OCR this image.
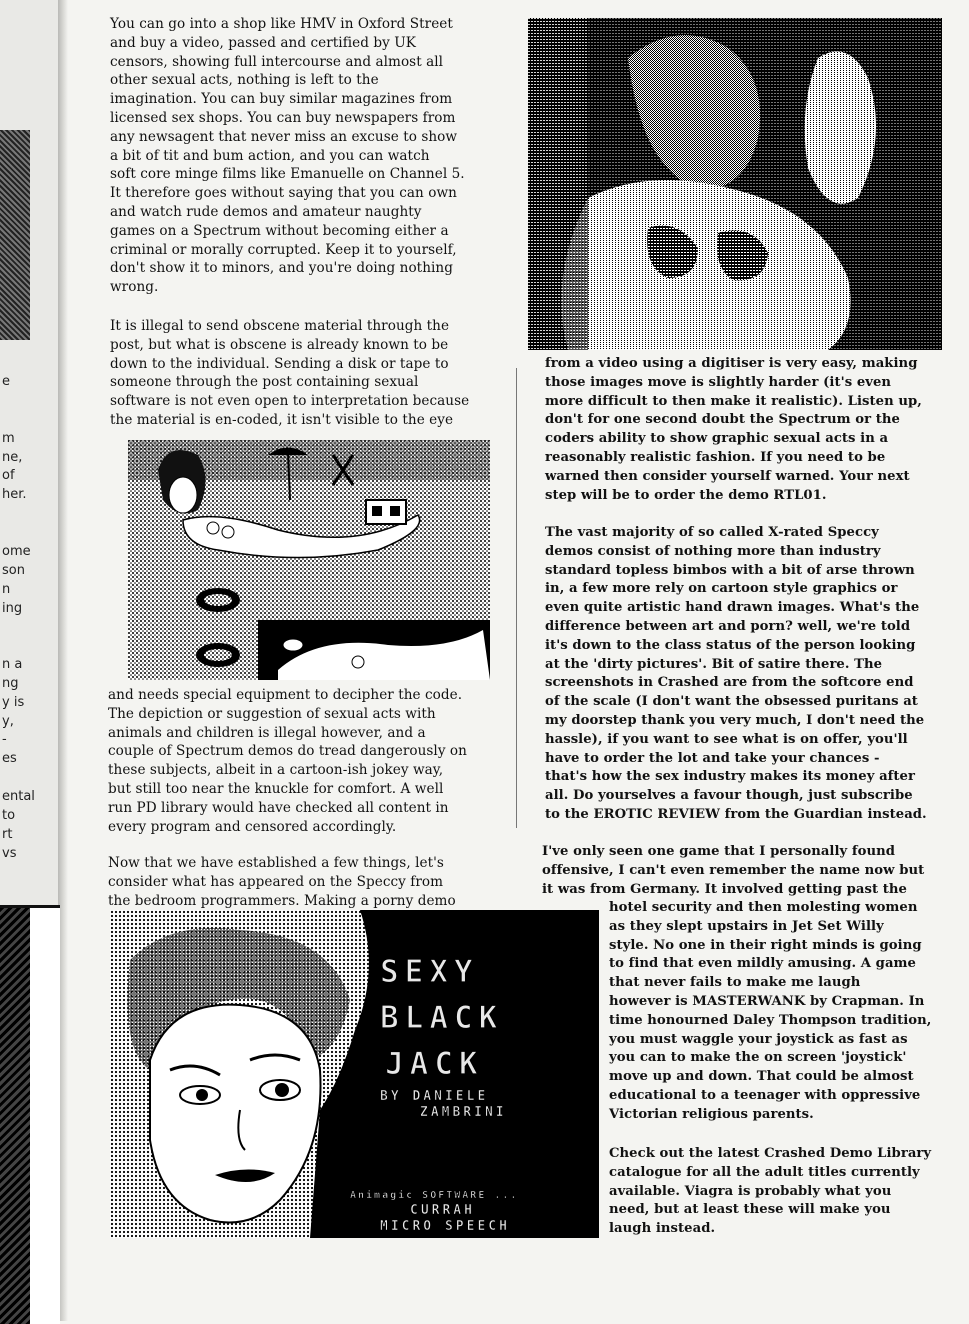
e
m
ne,
of
her.
ome
son
n
ing
n a
ng
y is
y,
-
es
ental
to
rt
vs

You can go into a shop like HMV in Oxford Street
and buy a video, passed and certified by UK
censors, showing full intercourse and almost all
other sexual acts, nothing is left to the
imagination. You can buy similar magazines from
licensed sex shops. You can buy newspapers from
any newsagent that never miss an excuse to show
a bit of tit and bum action, and you can watch
soft core minge films like Emanuelle on Channel 5.
It therefore goes without saying that you can own
and watch rude demos and amateur naughty
games on a Spectrum without becoming either a
criminal or morally corrupted. Keep it to yourself,
don't show it to minors, and you're doing nothing
wrong.

It is illegal to send obscene material through the
post, but what is obscene is already known to be
down to the individual. Sending a disk or tape to
someone through the post containing sexual
software is not even open to interpretation because
the material is en-coded, it isn't visible to the eye

and needs special equipment to decipher the code.
The depiction or suggestion of sexual acts with
animals and children is illegal however, and a
couple of Spectrum demos do tread dangerously on
these subjects, albeit in a cartoon-ish jokey way,
but still too near the knuckle for comfort. A well
run PD library would have checked all content in
every program and censored accordingly.

Now that we have established a few things, let's
consider what has appeared on the Speccy from
the bedroom programmers. Making a porny demo

from a video using a digitiser is very easy, making
those images move is slightly harder (it's even
more difficult to then make it realistic). Listen up,
don't for one second doubt the Spectrum or the
coders ability to show graphic sexual acts in a
reasonably realistic fashion. If you need to be
warned then consider yourself warned. Your next
step will be to order the demo RTL01.

The vast majority of so called X-rated Speccy
demos consist of nothing more than industry
standard topless bimbos with a bit of arse thrown
in, a few more rely on cartoon style graphics or
even quite artistic hand drawn images. What's the
difference between art and porn? well, we're told
it's down to the class status of the person looking
at the 'dirty pictures'. Bit of satire there. The
screenshots in Crashed are from the softcore end
of the scale (I don't want the obsessed puritans at
my doorstep thank you very much, I don't need the
hassle), if you want to see what is on offer, you'll
have to order the lot and take your chances -
that's how the sex industry makes its money after
all. Do yourselves a favour though, just subscribe
to the EROTIC REVIEW from the Guardian instead.

I've only seen one game that I personally found
offensive, I can't even remember the name now but
it was from Germany. It involved getting past the

hotel security and then molesting women
as they slept upstairs in Jet Set Willy
style. No one in their right minds is going
to find that even mildly amusing. A game
that never fails to make me laugh
however is MASTERWANK by Crapman. In
time honourned Daley Thompson tradition,
you must waggle your joystick as fast as
you can to make the on screen 'joystick'
move up and down. That could be almost
educational to a teenager with oppressive
Victorian religious parents.

Check out the latest Crashed Demo Library
catalogue for all the adult titles currently
available. Viagra is probably what you
need, but at least these will make you
laugh instead.

SEXY
BLACK
JACK
BY DANIELE
ZAMBRINI
Animagic SOFTWARE ...
CURRAH
MICRO SPEECH
